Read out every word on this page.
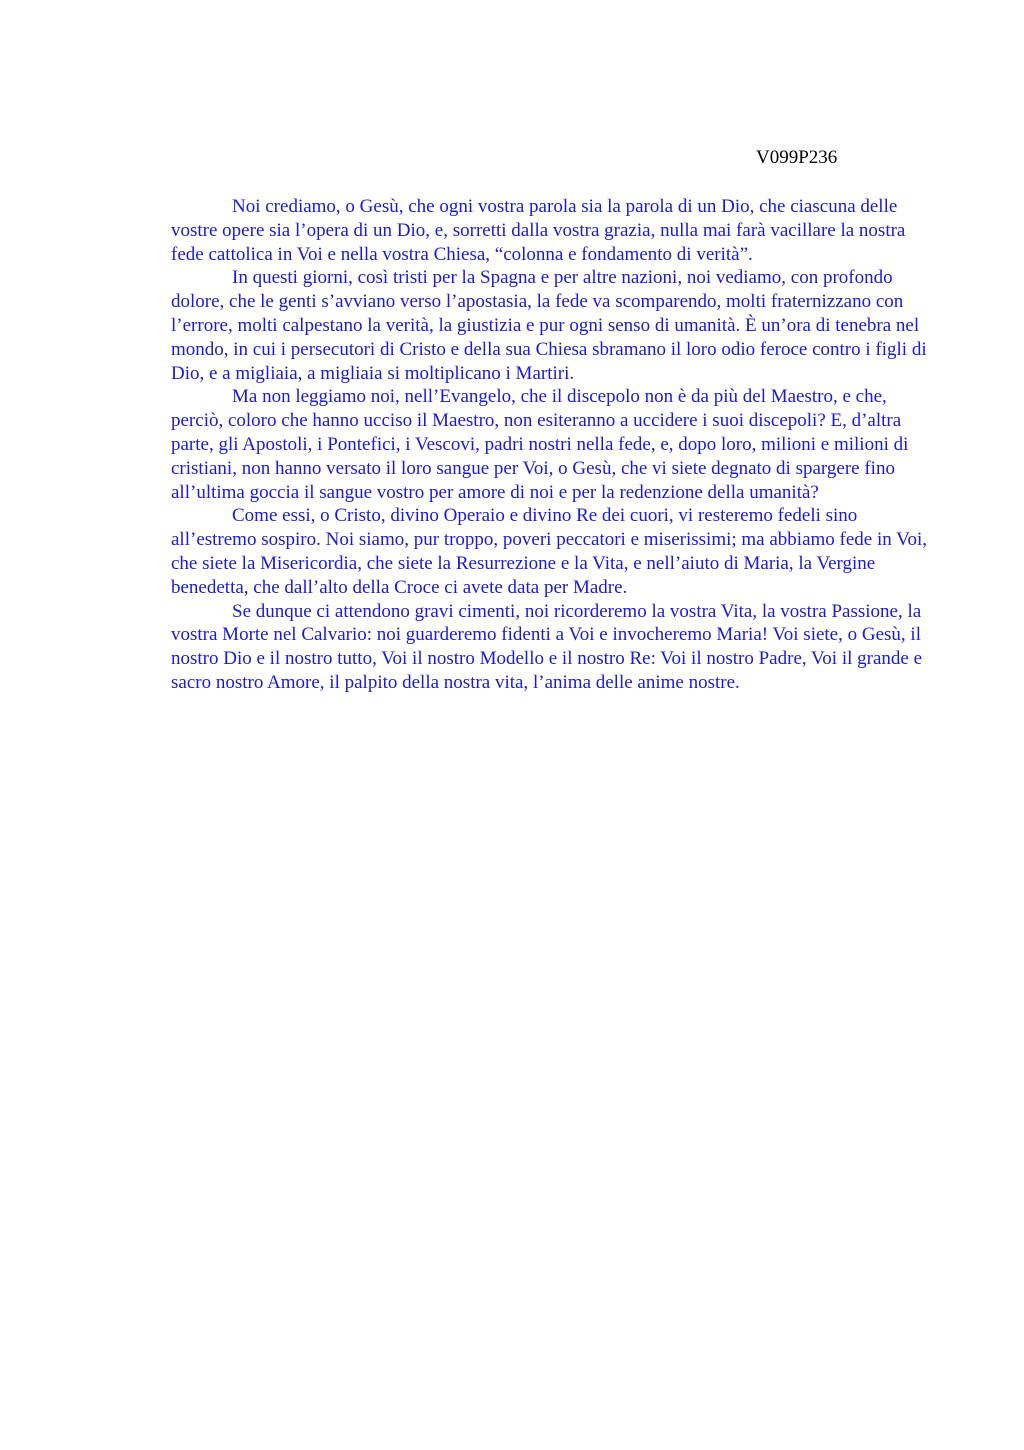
V099P236

Noi crediamo, o Gesù, che ogni vostra parola sia la parola di un Dio, che ciascuna delle vostre opere sia l’opera di un Dio, e, sorretti dalla vostra grazia, nulla mai farà vacillare la nostra fede cattolica in Voi e nella vostra Chiesa, “colonna e fondamento di verità”.

In questi giorni, così tristi per la Spagna e per altre nazioni, noi vediamo, con profondo dolore, che le genti s’avviano verso l’apostasia, la fede va scomparendo, molti fraternizzano con l’errore, molti calpestano la verità, la giustizia e pur ogni senso di umanità. È un’ora di tenebra nel mondo, in cui i persecutori di Cristo e della sua Chiesa sbramano il loro odio feroce contro i figli di Dio, e a migliaia, a migliaia si moltiplicano i Martiri.

Ma non leggiamo noi, nell’Evangelo, che il discepolo non è da più del Maestro, e che, perciò, coloro che hanno ucciso il Maestro, non esiteranno a uccidere i suoi discepoli? E, d’altra parte, gli Apostoli, i Pontefici, i Vescovi, padri nostri nella fede, e, dopo loro, milioni e milioni di cristiani, non hanno versato il loro sangue per Voi, o Gesù, che vi siete degnato di spargere fino all’ultima goccia il sangue vostro per amore di noi e per la redenzione della umanità?

Come essi, o Cristo, divino Operaio e divino Re dei cuori, vi resteremo fedeli sino all’estremo sospiro. Noi siamo, pur troppo, poveri peccatori e miserissimi; ma abbiamo fede in Voi, che siete la Misericordia, che siete la Resurrezione e la Vita, e nell’aiuto di Maria, la Vergine benedetta, che dall’alto della Croce ci avete data per Madre.

Se dunque ci attendono gravi cimenti, noi ricorderemo la vostra Vita, la vostra Passione, la vostra Morte nel Calvario: noi guarderemo fidenti a Voi e invocheremo Maria! Voi siete, o Gesù, il nostro Dio e il nostro tutto, Voi il nostro Modello e il nostro Re: Voi il nostro Padre, Voi il grande e sacro nostro Amore, il palpito della nostra vita, l’anima delle anime nostre.
